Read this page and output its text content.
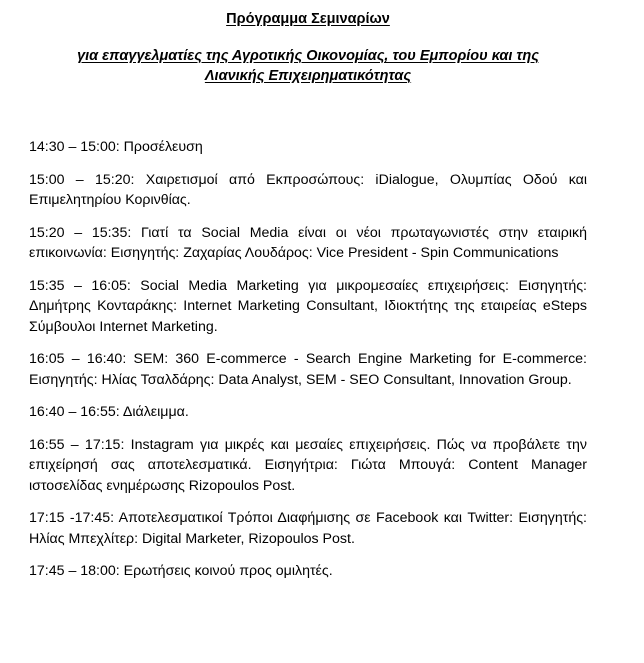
Πρόγραμμα Σεμιναρίων

για επαγγελματίες της Αγροτικής Οικονομίας, του Εμπορίου και της

Λιανικής Επιχειρηματικότητας

14:30 – 15:00: Προσέλευση

15:00 – 15:20: Χαιρετισμοί από Εκπροσώπους: iDialogue, Ολυμπίας Οδού και Επιμελητηρίου Κορινθίας.

15:20 – 15:35: Γιατί τα Social Media είναι οι νέοι πρωταγωνιστές στην εταιρική επικοινωνία: Εισηγητής: Ζαχαρίας Λουδάρος: Vice President - Spin Communications

15:35 – 16:05: Social Media Marketing για μικρομεσαίες επιχειρήσεις: Εισηγητής: Δημήτρης Κονταράκης: Internet Marketing Consultant, Ιδιοκτήτης της εταιρείας eSteps Σύμβουλοι Internet Marketing.

16:05 – 16:40: SEM: 360 E-commerce - Search Engine Marketing for E-commerce: Εισηγητής: Ηλίας Τσαλδάρης: Data Analyst, SEM - SEO Consultant, Innovation Group.

16:40 – 16:55: Διάλειμμα.

16:55 – 17:15: Instagram για μικρές και μεσαίες επιχειρήσεις. Πώς να προβάλετε την επιχείρησή σας αποτελεσματικά. Εισηγήτρια: Γιώτα Μπουγά: Content Manager ιστοσελίδας ενημέρωσης Rizopoulos Post.

17:15 -17:45: Αποτελεσματικοί Τρόποι Διαφήμισης σε Facebook και Twitter: Εισηγητής: Ηλίας Μπεχλίτερ: Digital Marketer, Rizopoulos Post.

17:45 – 18:00: Ερωτήσεις κοινού προς ομιλητές.
